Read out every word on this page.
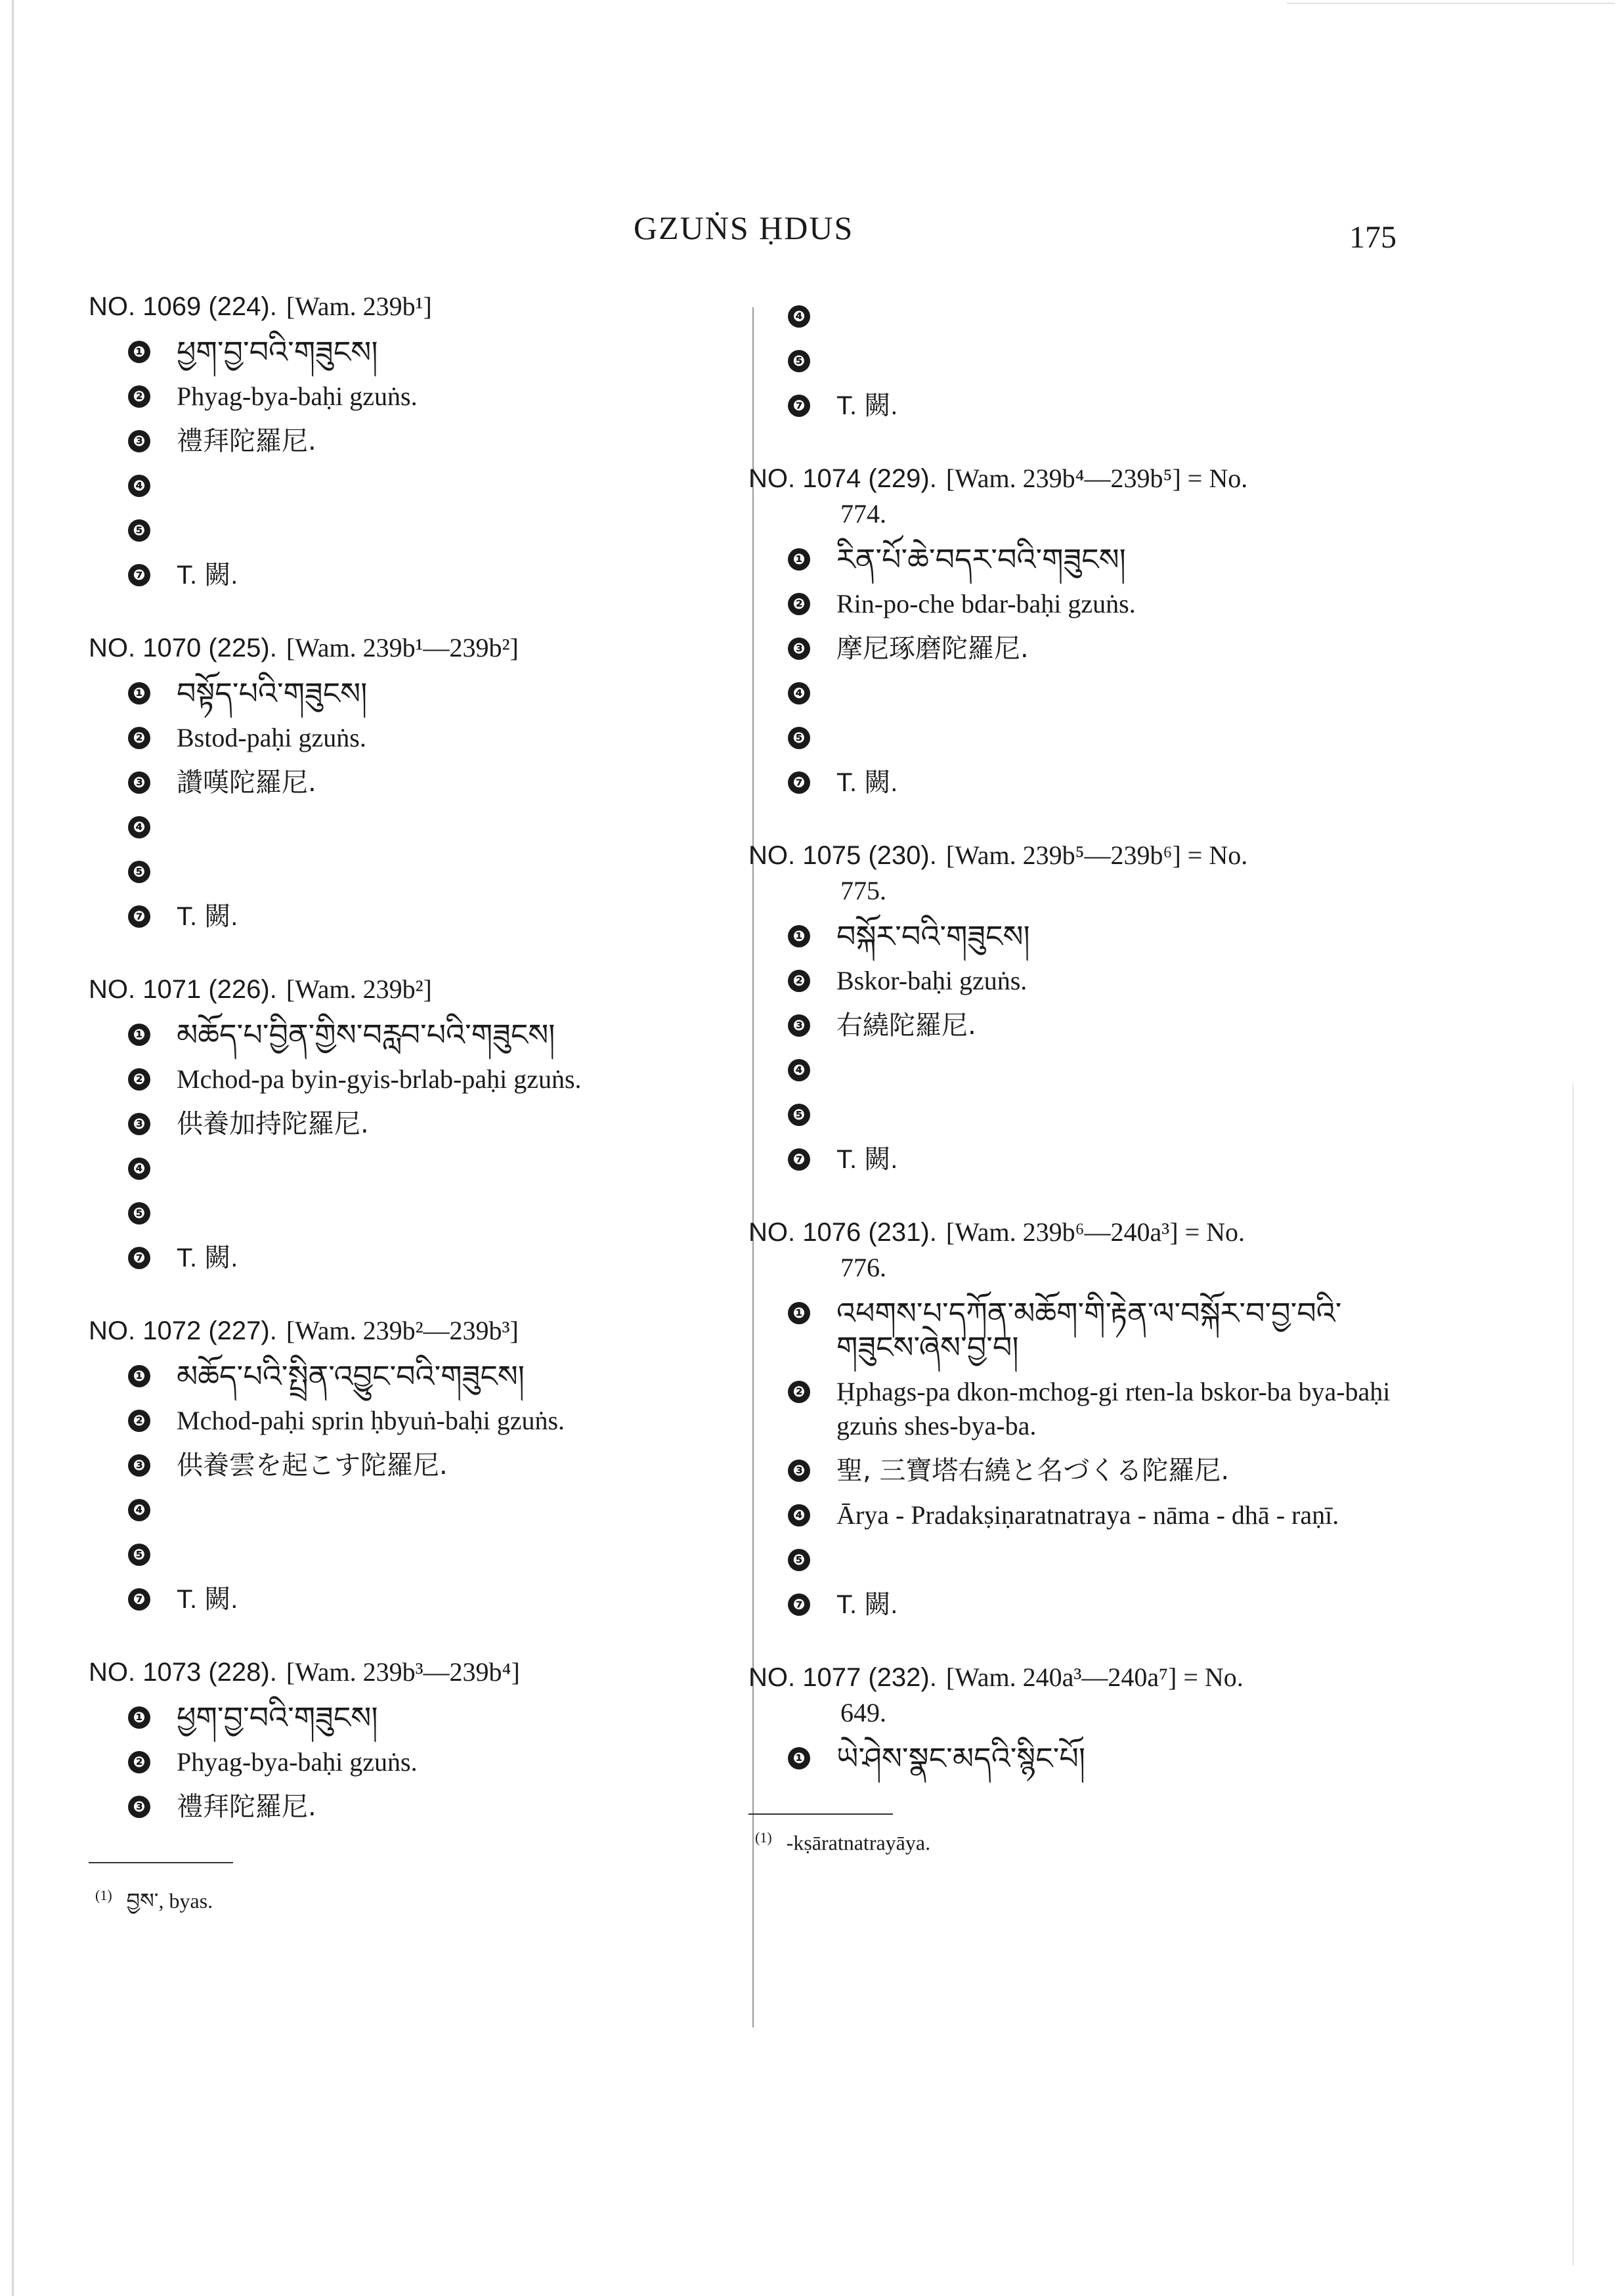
GZUṄS ḤDUS	175
NO. 1069 (224). [Wam. 239b¹]
❶ ཕྱག་བྱ་བའི་གཟུངས།
❷ Phyag-bya-baḥi gzuṅs.
❸ 禮拜陀羅尼.
❹
❺
❼ T. 闕.
NO. 1070 (225). [Wam. 239b¹—239b²]
❶ བསྟོད་པའི་གཟུངས།
❷ Bstod-paḥi gzuṅs.
❸ 讚嘆陀羅尼.
❹
❺
❼ T. 闕.
NO. 1071 (226). [Wam. 239b²]
❶ མཆོད་པ་བྱིན་གྱིས་བརླབ་པའི་གཟུངས།
❷ Mchod-pa byin-gyis-brlab-paḥi gzuṅs.
❸ 供養加持陀羅尼.
❹
❺
❼ T. 闕.
NO. 1072 (227). [Wam. 239b²—239b³]
❶ མཆོད་པའི་སྤྲིན་འབྱུང་བའི་གཟུངས།
❷ Mchod-paḥi sprin ḥbyuṅ-baḥi gzuṅs.
❸ 供養雲を起こす陀羅尼.
❹
❺
❼ T. 闕.
NO. 1073 (228). [Wam. 239b³—239b⁴]
❶ ཕྱག་བྱ་བའི་གཟུངས།
❷ Phyag-bya-baḥi gzuṅs.
❸ 禮拜陀羅尼.
$^{(1)}$ བྱས་, byas.
❹
❺
❼ T. 闕.
NO. 1074 (229). [Wam. 239b⁴—239b⁵] = No.
774.
❶ རིན་པོ་ཆེ་བདར་བའི་གཟུངས།
❷ Rin-po-che bdar-baḥi gzuṅs.
❸ 摩尼琢磨陀羅尼.
❹
❺
❼ T. 闕.
NO. 1075 (230). [Wam. 239b⁵—239b⁶] = No.
775.
❶ བསྐོར་བའི་གཟུངས།
❷ Bskor-baḥi gzuṅs.
❸ 右繞陀羅尼.
❹
❺
❼ T. 闕.
NO. 1076 (231). [Wam. 239b⁶—240a³] = No.
776.
❶ འཕགས་པ་དཀོན་མཆོག་གི་རྟེན་ལ་བསྐོར་བ་བྱ་བའི་གཟུངས་ཞེས་བྱ་བ།
❷ Ḥphags-pa dkon-mchog-gi rten-la bskor-ba bya-baḥi gzuṅs shes-bya-ba.
❸ 聖, 三寶塔右繞と名づくる陀羅尼.
❹ Ārya - Pradakṣiṇaratnatraya - nāma - dhā - raṇī.
❺
❼ T. 闕.
NO. 1077 (232). [Wam. 240a³—240a⁷] = No.
649.
❶ ཡེ་ཤེས་སྣང་མདའི་སྙིང་པོ།
$^{(1)}$ -kṣāratnatrayāya.
